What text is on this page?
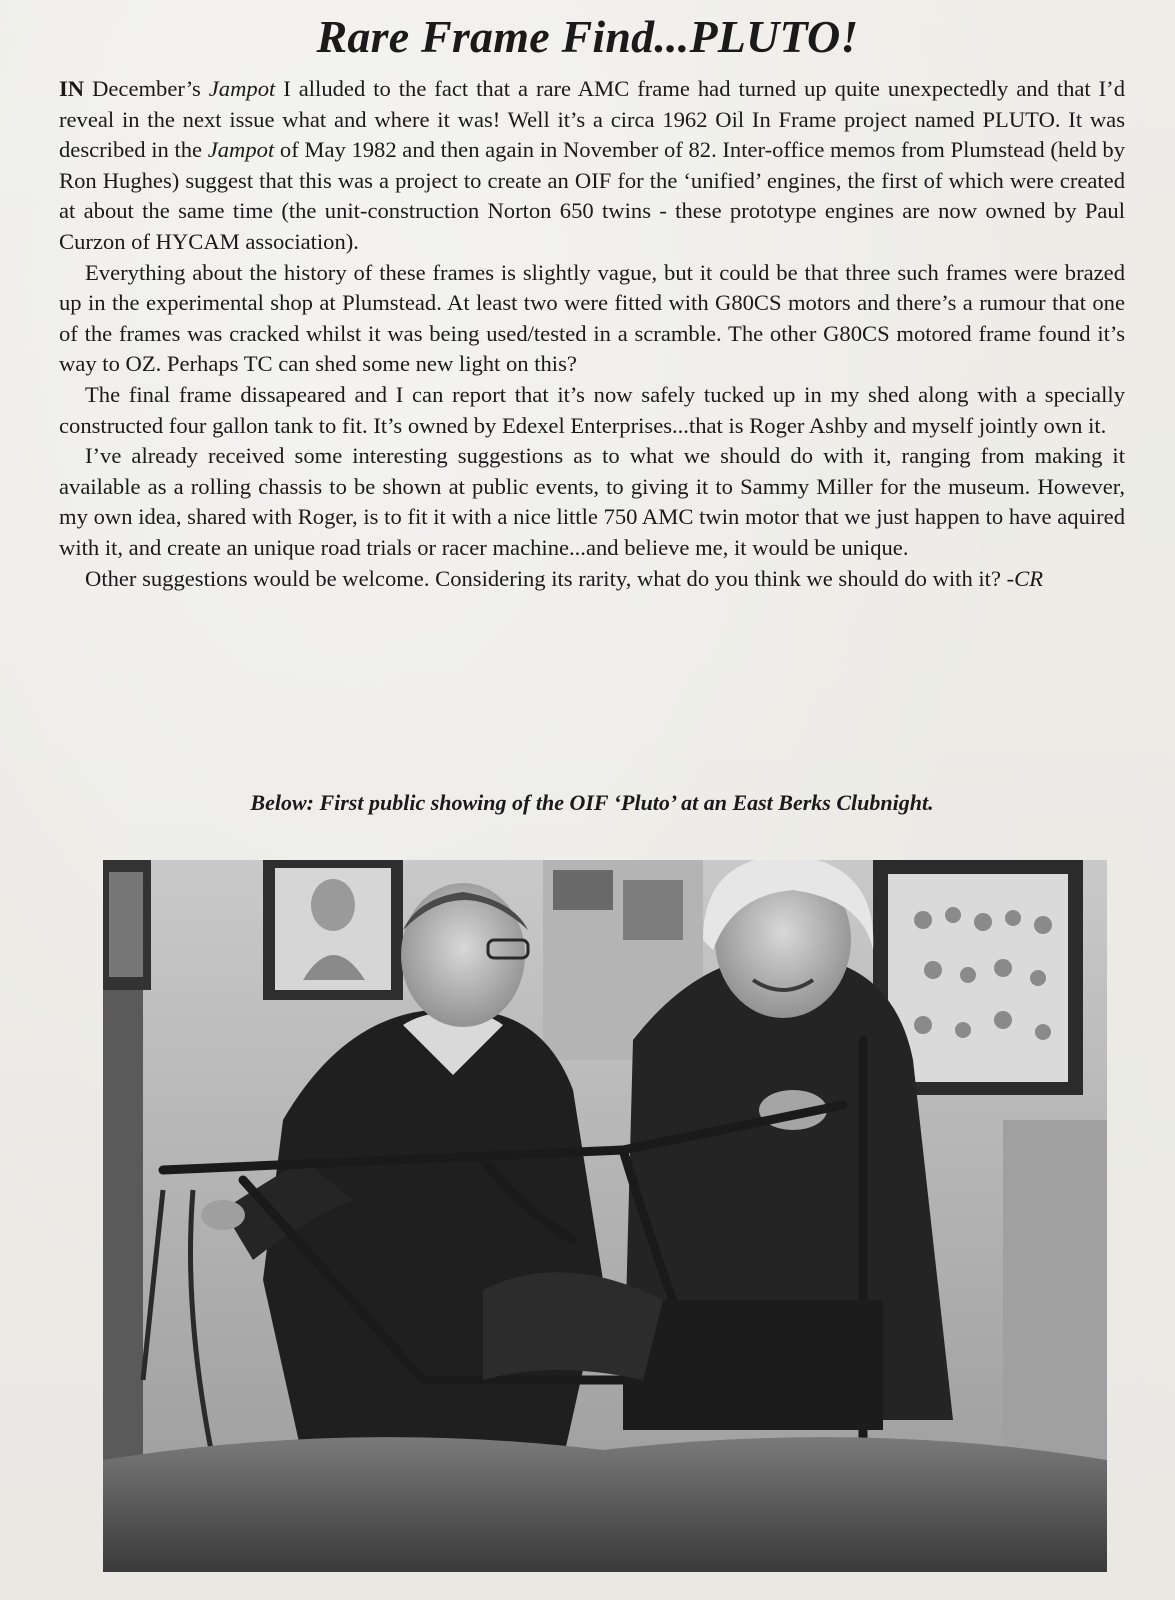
Rare Frame Find...PLUTO!

IN December’s Jampot I alluded to the fact that a rare AMC frame had turned up quite unexpectedly and that I’d reveal in the next issue what and where it was! Well it’s a circa 1962 Oil In Frame project named PLUTO. It was described in the Jampot of May 1982 and then again in November of 82. Inter-office memos from Plumstead (held by Ron Hughes) suggest that this was a project to create an OIF for the ‘unified’ engines, the first of which were created at about the same time (the unit-construction Norton 650 twins - these prototype engines are now owned by Paul Curzon of HYCAM association).

Everything about the history of these frames is slightly vague, but it could be that three such frames were brazed up in the experimental shop at Plumstead. At least two were fitted with G80CS motors and there’s a rumour that one of the frames was cracked whilst it was being used/tested in a scramble. The other G80CS motored frame found it’s way to OZ. Perhaps TC can shed some new light on this?

The final frame dissapeared and I can report that it’s now safely tucked up in my shed along with a specially constructed four gallon tank to fit. It’s owned by Edexel Enterprises...that is Roger Ashby and myself jointly own it.

I’ve already received some interesting suggestions as to what we should do with it, ranging from making it available as a rolling chassis to be shown at public events, to giving it to Sammy Miller for the museum. However, my own idea, shared with Roger, is to fit it with a nice little 750 AMC twin motor that we just happen to have aquired with it, and create an unique road trials or racer machine...and believe me, it would be unique.

Other suggestions would be welcome. Considering its rarity, what do you think we should do with it? -CR

Below: First public showing of the OIF ‘Pluto’ at an East Berks Clubnight.
